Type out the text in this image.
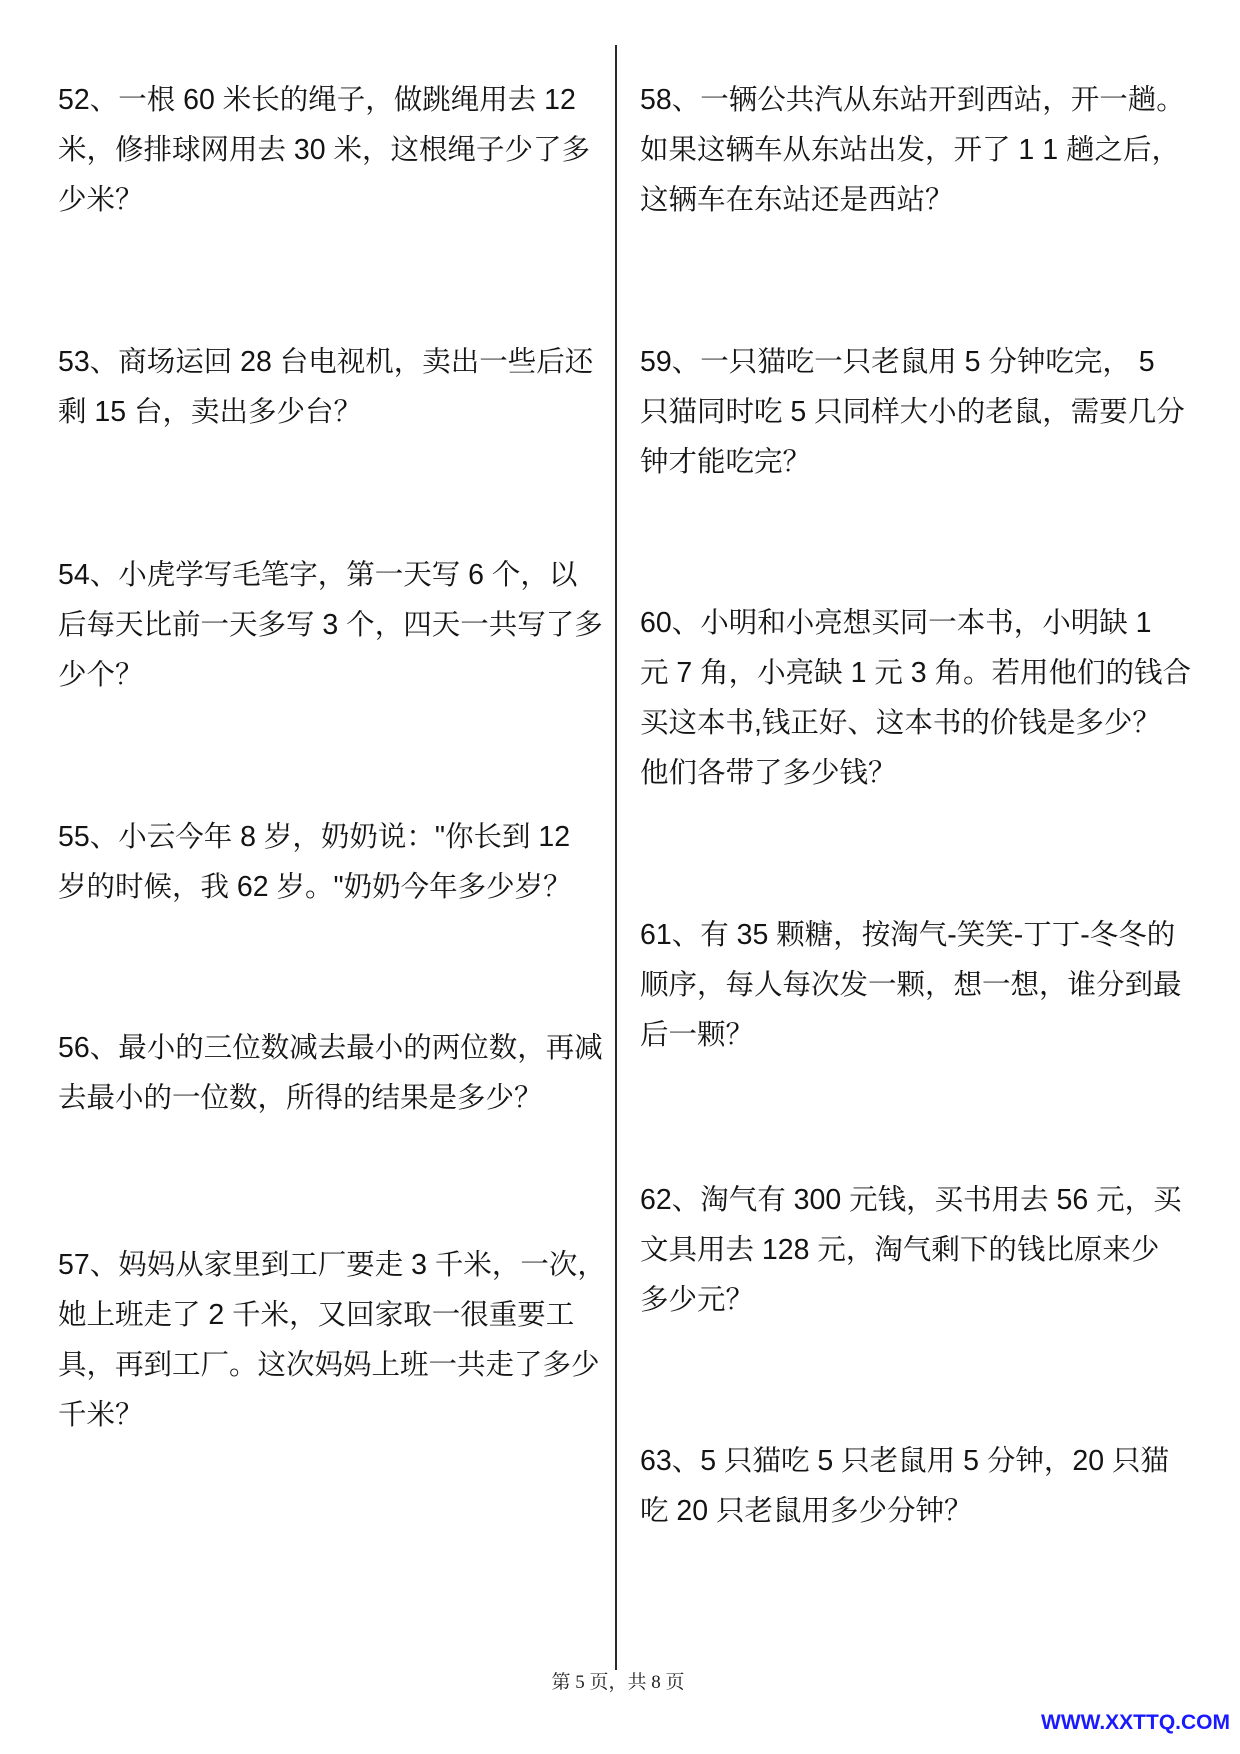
52、一根 60 米长的绳子，做跳绳用去 12
米，修排球网用去 30 米，这根绳子少了多
少米？
53、商场运回 28 台电视机，卖出一些后还
剩 15 台，卖出多少台？
54、小虎学写毛笔字，第一天写 6 个，以
后每天比前一天多写 3 个，四天一共写了多
少个？
55、小云今年 8 岁，奶奶说："你长到 12
岁的时候，我 62 岁。"奶奶今年多少岁？
56、最小的三位数减去最小的两位数，再减
去最小的一位数，所得的结果是多少？
57、妈妈从家里到工厂要走 3 千米，一次，
她上班走了 2 千米，又回家取一很重要工
具，再到工厂。这次妈妈上班一共走了多少
千米？
58、一辆公共汽从东站开到西站，开一趟。
如果这辆车从东站出发，开了 1 1 趟之后，
这辆车在东站还是西站？
59、一只猫吃一只老鼠用 5 分钟吃完， 5
只猫同时吃 5 只同样大小的老鼠，需要几分
钟才能吃完？
60、小明和小亮想买同一本书，小明缺 1
元 7 角，小亮缺 1 元 3 角。若用他们的钱合
买这本书,钱正好、这本书的价钱是多少？
他们各带了多少钱？
61、有 35 颗糖，按淘气-笑笑-丁丁-冬冬的
顺序，每人每次发一颗，想一想，谁分到最
后一颗？
62、淘气有 300 元钱，买书用去 56 元，买
文具用去 128 元，淘气剩下的钱比原来少
多少元？
63、5 只猫吃 5 只老鼠用 5 分钟，20 只猫
吃 20 只老鼠用多少分钟？
第 5 页，共 8 页
WWW.XXTTQ.COM
